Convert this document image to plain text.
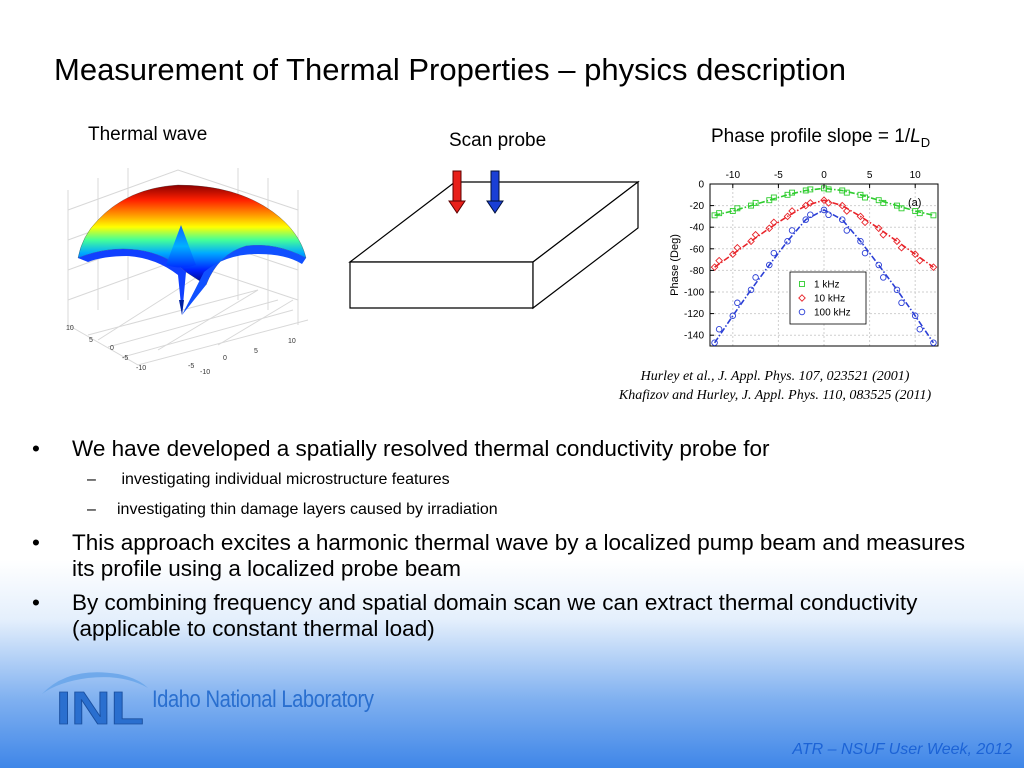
Measurement of Thermal Properties – physics description
Thermal wave	Scan probe	Phase profile slope = $1/L_D$
10
5
0
-5
-10
10
5
0
-5
-10
-10	-5	0	5	10
0
-20
-40
-60
-80
-100
-120
-140
Phase (Deg)
(a)
1 kHz
10 kHz
100 kHz
Hurley et al., J. Appl. Phys. 107, 023521 (2001)
Khafizov and Hurley, J. Appl. Phys. 110, 083525 (2011)
• We have developed a spatially resolved thermal conductivity probe for
–  investigating individual microstructure features
– investigating thin damage layers caused by irradiation
• This approach excites a harmonic thermal wave by a localized pump beam and measures its profile using a localized probe beam
• By combining frequency and spatial domain scan we can extract thermal conductivity (applicable to constant thermal load)
INL Idaho National Laboratory
ATR – NSUF User Week, 2012
